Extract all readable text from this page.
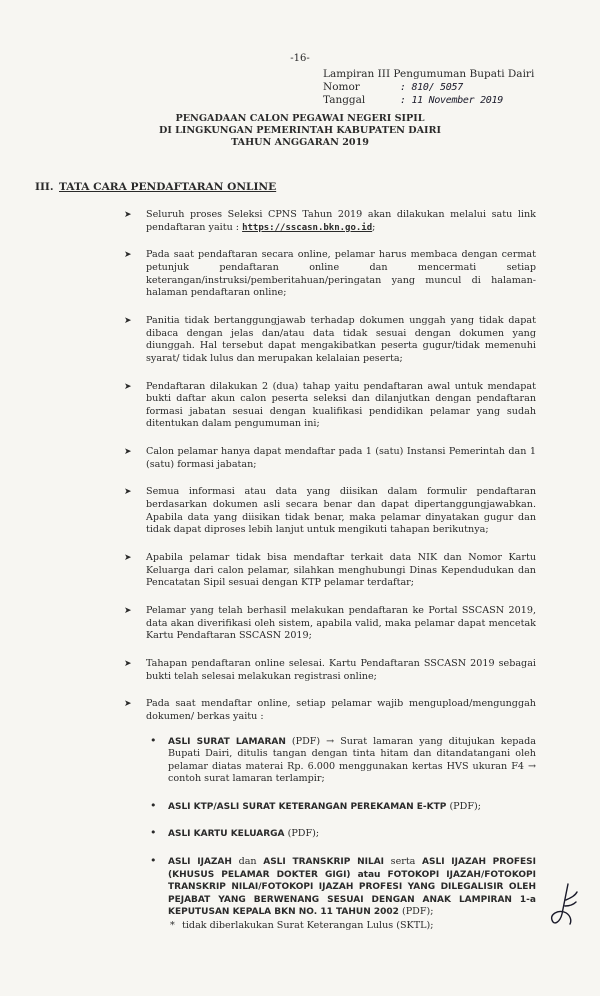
-16-
Lampiran III Pengumuman Bupati Dairi
Nomor	: 810/ 5057
Tanggal	: 11 November 2019
PENGADAAN CALON PEGAWAI NEGERI SIPIL
DI LINGKUNGAN PEMERINTAH KABUPATEN DAIRI
TAHUN ANGGARAN 2019
III. TATA CARA PENDAFTARAN ONLINE
➤ Seluruh proses Seleksi CPNS Tahun 2019 akan dilakukan melalui satu link pendaftaran yaitu : https://sscasn.bkn.go.id;

➤ Pada saat pendaftaran secara online, pelamar harus membaca dengan cermat petunjuk pendaftaran online dan mencermati setiap keterangan/instruksi/pemberitahuan/peringatan yang muncul di halaman-halaman pendaftaran online;

➤ Panitia tidak bertanggungjawab terhadap dokumen unggah yang tidak dapat dibaca dengan jelas dan/atau data tidak sesuai dengan dokumen yang diunggah. Hal tersebut dapat mengakibatkan peserta gugur/tidak memenuhi syarat/ tidak lulus dan merupakan kelalaian peserta;

➤ Pendaftaran dilakukan 2 (dua) tahap yaitu pendaftaran awal untuk mendapat bukti daftar akun calon peserta seleksi dan dilanjutkan dengan pendaftaran formasi jabatan sesuai dengan kualifikasi pendidikan pelamar yang sudah ditentukan dalam pengumuman ini;

➤ Calon pelamar hanya dapat mendaftar pada 1 (satu) Instansi Pemerintah dan 1 (satu) formasi jabatan;

➤ Semua informasi atau data yang diisikan dalam formulir pendaftaran berdasarkan dokumen asli secara benar dan dapat dipertanggungjawabkan. Apabila data yang diisikan tidak benar, maka pelamar dinyatakan gugur dan tidak dapat diproses lebih lanjut untuk mengikuti tahapan berikutnya;

➤ Apabila pelamar tidak bisa mendaftar terkait data NIK dan Nomor Kartu Keluarga dari calon pelamar, silahkan menghubungi Dinas Kependudukan dan Pencatatan Sipil sesuai dengan KTP pelamar terdaftar;

➤ Pelamar yang telah berhasil melakukan pendaftaran ke Portal SSCASN 2019, data akan diverifikasi oleh sistem, apabila valid, maka pelamar dapat mencetak Kartu Pendaftaran SSCASN 2019;

➤ Tahapan pendaftaran online selesai. Kartu Pendaftaran SSCASN 2019 sebagai bukti telah selesai melakukan registrasi online;

➤ Pada saat mendaftar online, setiap pelamar wajib mengupload/mengunggah dokumen/ berkas yaitu :

• ASLI SURAT LAMARAN (PDF) → Surat lamaran yang ditujukan kepada Bupati Dairi, ditulis tangan dengan tinta hitam dan ditandatangani oleh pelamar diatas materai Rp. 6.000 menggunakan kertas HVS ukuran F4 → contoh surat lamaran terlampir;

• ASLI KTP/ASLI SURAT KETERANGAN PEREKAMAN E-KTP (PDF);

• ASLI KARTU KELUARGA (PDF);

• ASLI IJAZAH dan ASLI TRANSKRIP NILAI serta ASLI IJAZAH PROFESI (KHUSUS PELAMAR DOKTER GIGI) atau FOTOKOPI IJAZAH/FOTOKOPI TRANSKRIP NILAI/FOTOKOPI IJAZAH PROFESI YANG DILEGALISIR OLEH PEJABAT YANG BERWENANG SESUAI DENGAN ANAK LAMPIRAN 1-a KEPUTUSAN KEPALA BKN NO. 11 TAHUN 2002 (PDF);

* tidak diberlakukan Surat Keterangan Lulus (SKTL);
